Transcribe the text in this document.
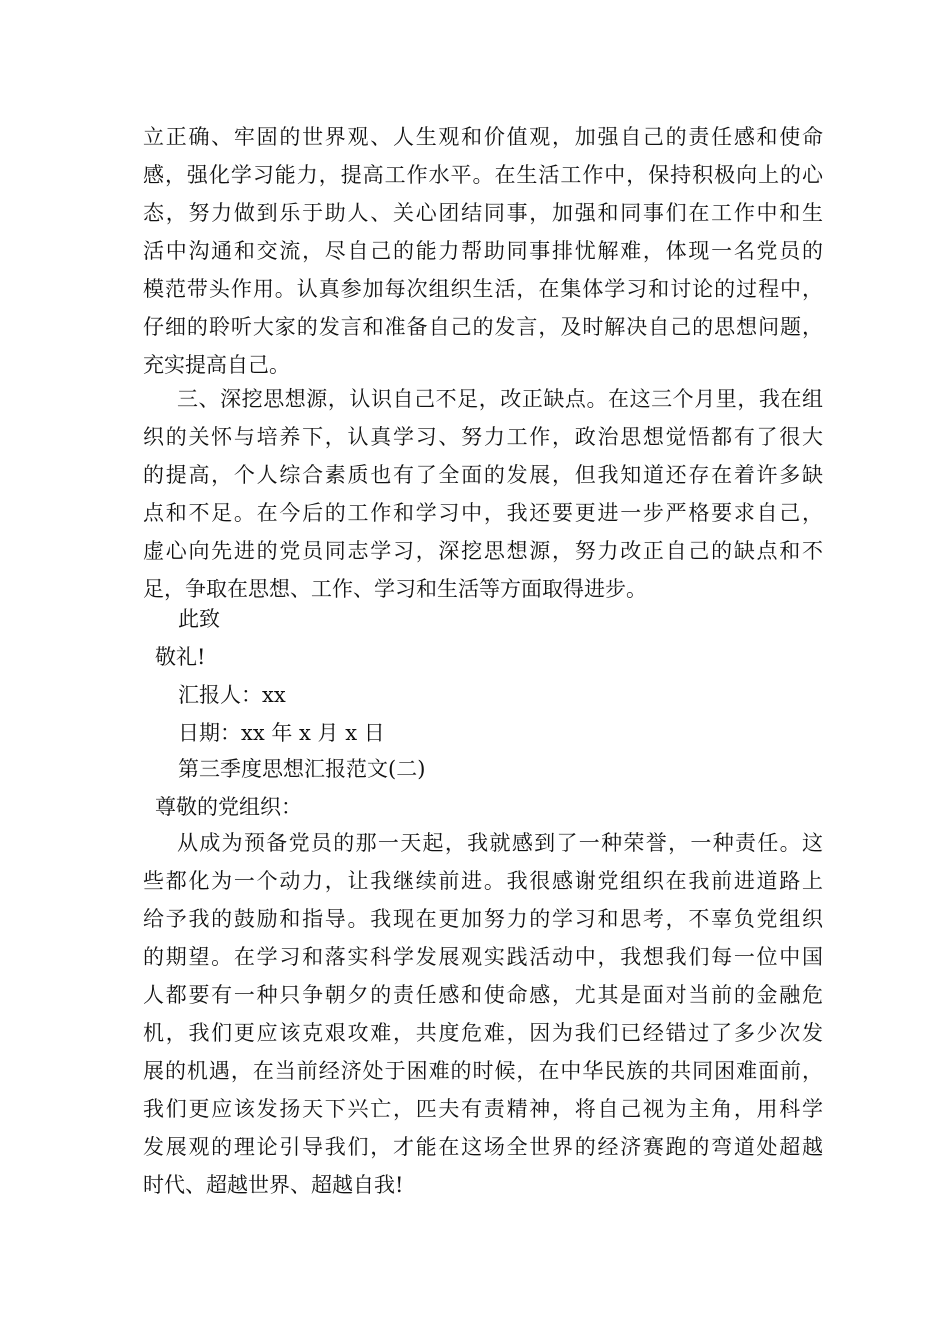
立正确、牢固的世界观、人生观和价值观，加强自己的责任感和使命
感，强化学习能力，提高工作水平。在生活工作中，保持积极向上的心
态，努力做到乐于助人、关心团结同事，加强和同事们在工作中和生
活中沟通和交流，尽自己的能力帮助同事排忧解难，体现一名党员的
模范带头作用。认真参加每次组织生活，在集体学习和讨论的过程中，
仔细的聆听大家的发言和准备自己的发言，及时解决自己的思想问题，
充实提高自己。
三、深挖思想源，认识自己不足，改正缺点。在这三个月里，我在组
织的关怀与培养下，认真学习、努力工作，政治思想觉悟都有了很大
的提高，个人综合素质也有了全面的发展，但我知道还存在着许多缺
点和不足。在今后的工作和学习中，我还要更进一步严格要求自己，
虚心向先进的党员同志学习，深挖思想源，努力改正自己的缺点和不
足，争取在思想、工作、学习和生活等方面取得进步。
此致
敬礼!
汇报人：xx
日期：xx 年 x 月 x 日
第三季度思想汇报范文(二)
尊敬的党组织：
从成为预备党员的那一天起，我就感到了一种荣誉，一种责任。这
些都化为一个动力，让我继续前进。我很感谢党组织在我前进道路上
给予我的鼓励和指导。我现在更加努力的学习和思考，不辜负党组织
的期望。在学习和落实科学发展观实践活动中，我想我们每一位中国
人都要有一种只争朝夕的责任感和使命感，尤其是面对当前的金融危
机，我们更应该克艰攻难，共度危难，因为我们已经错过了多少次发
展的机遇，在当前经济处于困难的时候，在中华民族的共同困难面前，
我们更应该发扬天下兴亡，匹夫有责精神，将自己视为主角，用科学
发展观的理论引导我们，才能在这场全世界的经济赛跑的弯道处超越
时代、超越世界、超越自我!
